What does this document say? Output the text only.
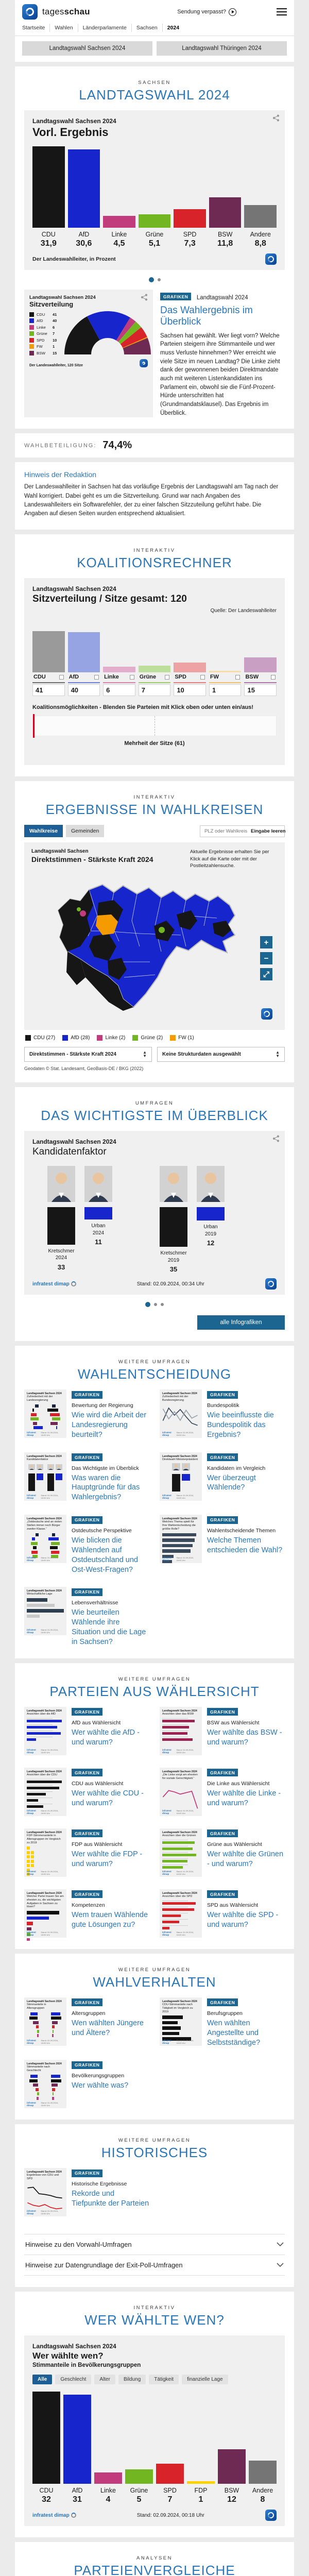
tagesschau	Sendung verpasst?
Startseite	Wahlen	Länderparlamente	Sachsen	2024
Landtagswahl Sachsen 2024	Landtagswahl Thüringen 2024
SACHSEN
LANDTAGSWAHL 2024
Landtagswahl Sachsen 2024
Vorl. Ergebnis
CDU
31,9
AfD
30,6
Linke
4,5
Grüne
5,1
SPD
7,3
BSW
11,8
Andere
8,8
Der Landeswahlleiter, in Prozent
Landtagswahl Sachsen 2024
Sitzverteilung
CDU	41
AfD	40
Linke	6
Grüne	7
SPD	10
FW	1
BSW	15
Der Landeswahlleiter, 120 Sitze
GRAFIKEN Landtagswahl 2024
Das Wahlergebnis im Überblick
Sachsen hat gewählt. Wer liegt vorn? Welche Parteien steigern ihre Stimmanteile und wer muss Verluste hinnehmen? Wer erreicht wie viele Sitze im neuen Landtag? Die Linke zieht dank der gewonnenen beiden Direktmandate auch mit weiteren Listenkandidaten ins Parlament ein, obwohl sie die Fünf-Prozent-Hürde unterschritten hat (Grundmandatsklausel). Das Ergebnis im Überblick.
WAHLBETEILIGUNG: 74,4%
Hinweis der Redaktion
Der Landeswahlleiter in Sachsen hat das vorläufige Ergebnis der Landtagswahl am Tag nach der Wahl korrigiert. Dabei geht es um die Sitzverteilung. Grund war nach Angaben des Landeswahlleiters ein Softwarefehler, der zu einer falschen Sitzzuteilung geführt habe. Die Angaben auf diesen Seiten wurden entsprechend aktualisiert.
INTERAKTIV
KOALITIONSRECHNER
Landtagswahl Sachsen 2024
Sitzverteilung / Sitze gesamt: 120
Quelle: Der Landeswahlleiter
CDU	AfD	Linke	Grüne	SPD	FW	BSW
41	40	6	7	10	1	15
Koalitionsmöglichkeiten - Blenden Sie Parteien mit Klick oben oder unten ein/aus!
Mehrheit der Sitze (61)
INTERAKTIV
ERGEBNISSE IN WAHLKREISEN
Wahlkreise	Gemeinden
PLZ oder Wahlkreis	Eingabe leeren
Landtagswahl Sachsen
Direktstimmen - Stärkste Kraft 2024
Aktuelle Ergebnisse erhalten Sie per Klick auf die Karte oder mit der Postleitzahlensuche.
+
−
⤢
CDU (27)	AfD (28)	Linke (2)	Grüne (2)	FW (1)
Direktstimmen - Stärkste Kraft 2024	▲
▼	Keine Strukturdaten ausgewählt	▲
▼
Geodaten © Stat. Landesamt, GeoBasis-DE / BKG (2022)
UMFRAGEN
DAS WICHTIGSTE IM ÜBERBLICK
Landtagswahl Sachsen 2024
Kandidatenfaktor
Kretschmer
2024
33
Urban
2024
11
Kretschmer
2019
35
Urban
2019
12
infratest dimap	Stand: 02.09.2024, 00:34 Uhr
alle Infografiken
WEITERE UMFRAGEN
WAHLENTSCHEIDUNG
Landtagswahl Sachsen 2024
Zufriedenheit mit der Landesregierung
infratest dimap
Stand: 01.09.2024, 18:00 Uhr
GRAFIKEN
Bewertung der Regierung
Wie wird die Arbeit der Landesregierung beurteilt?
Landtagswahl Sachsen 2024
Zufriedenheit mit der Bundesregierung
infratest dimap
Stand: 01.09.2024, 18:00 Uhr
GRAFIKEN
Bundespolitik
Wie beeinflusste die Bundespolitik das Ergebnis?
Landtagswahl Sachsen 2024
Kandidatenfaktor
infratest dimap
Stand: 01.09.2024, 18:00 Uhr
GRAFIKEN
Das Wichtigste im Überblick
Was waren die Hauptgründe für das Wahlergebnis?
Landtagswahl Sachsen 2024
Direktwahl Ministerpräsident
infratest dimap
Stand: 01.09.2024, 18:00 Uhr
GRAFIKEN
Kandidaten im Vergleich
Wer überzeugt Wählende?
Landtagswahl Sachsen 2024
„Ostdeutsche sind an vielen Stellen immer noch Bürger zweiter Klasse.“
infratest dimap
Stand: 01.09.2024, 18:00 Uhr
GRAFIKEN
Ostdeutsche Perspektive
Wie blicken die Wählenden auf Ostdeutschland und Ost-West-Fragen?
Landtagswahl Sachsen 2024
Welches Thema spielt für Ihre Wahlentscheidung die größte Rolle?
infratest dimap
Stand: 01.09.2024, 18:00 Uhr
GRAFIKEN
Wahlentscheidende Themen
Welche Themen entschieden die Wahl?
Landtagswahl Sachsen 2024
Wirtschaftliche Lage
infratest dimap
Stand: 01.09.2024, 18:00 Uhr
GRAFIKEN
Lebensverhältnisse
Wie beurteilen Wählende ihre Situation und die Lage in Sachsen?
WEITERE UMFRAGEN
PARTEIEN AUS WÄHLERSICHT
Landtagswahl Sachsen 2024
Ansichten über die AfD
infratest dimap
Stand: 01.09.2024, 18:00 Uhr
GRAFIKEN
AfD aus Wählersicht
Wer wählte die AfD - und warum?
Landtagswahl Sachsen 2024
Ansichten über das BSW
infratest dimap
Stand: 01.09.2024, 18:00 Uhr
GRAFIKEN
BSW aus Wählersicht
Wer wählte das BSW - und warum?
Landtagswahl Sachsen 2024
Ansichten über die CDU
infratest dimap
Stand: 01.09.2024, 18:00 Uhr
GRAFIKEN
CDU aus Wählersicht
Wer wählte die CDU - und warum?
Landtagswahl Sachsen 2024
„Die Linke sorgt am ehesten für soziale Gerechtigkeit.“
infratest dimap
Stand: 01.09.2024, 18:00 Uhr
GRAFIKEN
Die Linke aus Wählersicht
Wer wählte die Linke - und warum?
Landtagswahl Sachsen 2024
FDP-Stimmenanteile in Altersgruppen im Vergleich zu 2019
infratest dimap
Stand: 01.09.2024, 18:00 Uhr
GRAFIKEN
FDP aus Wählersicht
Wer wählte die FDP - und warum?
Landtagswahl Sachsen 2024
Ansichten über die Grünen
infratest dimap
Stand: 01.09.2024, 18:00 Uhr
GRAFIKEN
Grüne aus Wählersicht
Wer wählte die Grünen - und warum?
Landtagswahl Sachsen 2024
Welcher Partei trauen Sie am ehesten zu, die wichtigsten Aufgaben in Sachsen zu lösen?
infratest dimap
Stand: 01.09.2024, 18:00 Uhr
GRAFIKEN
Kompetenzen
Wem trauen Wählende gute Lösungen zu?
Landtagswahl Sachsen 2024
Ansichten über die SPD
infratest dimap
Stand: 01.09.2024, 18:00 Uhr
GRAFIKEN
SPD aus Wählersicht
Wer wählte die SPD - und warum?
WEITERE UMFRAGEN
WAHLVERHALTEN
Landtagswahl Sachsen 2024
Stimmanteile in Altersgruppen
infratest dimap
Stand: 01.09.2024, 18:00 Uhr
GRAFIKEN
Altersgruppen
Wen wählten Jüngere und Ältere?
Landtagswahl Sachsen 2024
CDU-Stimmanteile nach Tätigkeit im Vergleich zu 2019
infratest dimap
Stand: 01.09.2024, 18:00 Uhr
GRAFIKEN
Berufsgruppen
Wen wählten Angestellte und Selbstständige?
Landtagswahl Sachsen 2024
Stimmanteile nach Geschlecht
infratest dimap
Stand: 01.09.2024, 18:00 Uhr
GRAFIKEN
Bevölkerungsgruppen
Wer wählte was?
WEITERE UMFRAGEN
HISTORISCHES
Landtagswahl Sachsen 2024
Ergebnisse von CDU und SPD
infratest dimap
Stand: 01.09.2024, 18:00 Uhr
GRAFIKEN
Historische Ergebnisse
Rekorde und Tiefpunkte der Parteien
Hinweise zu den Vorwahl-Umfragen
Hinweise zur Datengrundlage der Exit-Poll-Umfragen
INTERAKTIV
WER WÄHLTE WEN?
Landtagswahl Sachsen 2024
Wer wählte wen?
Stimmanteile in Bevölkerungsgruppen
Alle	Geschlecht	Alter	Bildung	Tätigkeit	finanzielle Lage
CDU
32
AfD
31
Linke
4
Grüne
5
SPD
7
FDP
1
BSW
12
Andere
8
infratest dimap	Stand: 02.09.2024, 00:18 Uhr
ANALYSEN
PARTEIENVERGLEICHE
